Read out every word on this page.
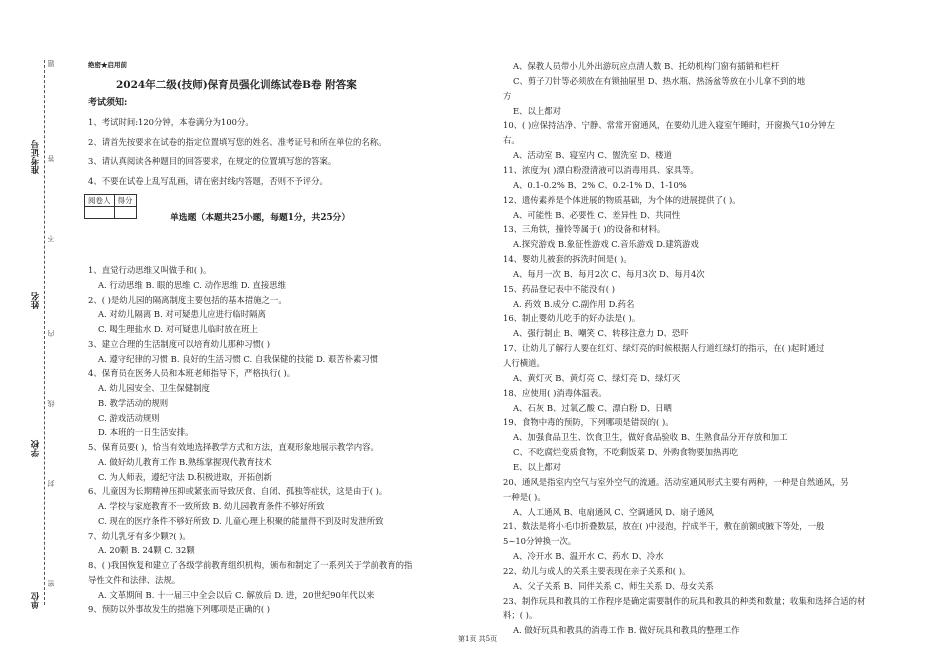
准考证号
姓名
学校
单位
密
封
线
内
不
答
题	绝密★启用前
2024年二级(技师)保育员强化训练试卷B卷 附答案
考试须知:
1、考试时间:120分钟，本卷满分为100分。
2、请首先按要求在试卷的指定位置填写您的姓名、准考证号和所在单位的名称。
3、请认真阅读各种题目的回答要求，在规定的位置填写您的答案。
4、不要在试卷上乱写乱画，请在密封线内答题，否则不予评分。
阅卷人	得分

单选题（本题共25小题，每题1分，共25分）
1、直觉行动思维又叫做手和( )。
A. 行动思维 B. 眼的思维 C. 动作思维 D. 直接思维
2、( )是幼儿园的隔离制度主要包括的基本措施之一。
A. 对幼儿隔离 B. 对可疑患儿应进行临时隔离
C. 喝生理盐水 D. 对可疑患儿临时放在班上
3、建立合理的生活制度可以培育幼儿那种习惯( )
A. 遵守纪律的习惯 B. 良好的生活习惯 C. 自我保健的技能 D. 艰苦朴素习惯
4、保育员在医务人员和本班老师指导下，严格执行( )。
A. 幼儿园安全、卫生保健制度
B. 教学活动的规则
C. 游戏活动规则
D. 本班的一日生活安排。
5、保育员要( )，恰当有效地选择教学方式和方法，直观形象地展示教学内容。
A. 做好幼儿教育工作 B.熟练掌握现代教育技术
C. 为人师表，遵纪守法 D.积极进取，开拓创新
6、儿童因为长期精神压抑或紧张而导致厌食、自闭、孤独等症状，这是由于( )。
A. 学校与家庭教育不一致所致 B. 幼儿园教育条件不够好所致
C. 现在的医疗条件不够好所致 D. 儿童心理上积聚的能量得不到及时发泄所致
7、幼儿乳牙有多少颗?( )。
A. 20颗 B. 24颗 C. 32颗
8、( )我国恢复和建立了各级学前教育组织机构，颁布和制定了一系列关于学前教育的指
导性文件和法律、法规。
A. 文革期间 B. 十一届三中全会以后 C. 解放后 D. 进，20世纪90年代以来
9、预防以外事故发生的措施下列哪项是正确的( )
A、保教人员带小儿外出游玩应点清人数 B、托幼机构门窗有插销和栏杆
C、剪子刀针等必须放在有锁抽屉里 D、热水瓶、热汤盆等放在小儿拿不到的地
方
E、以上都对
10、( )应保持洁净、宁静、常常开窗通风，在要幼儿进入寝室午睡时，开窗换气10分钟左
右。
A、活动室 B、寝室内 C、盥洗室 D、楼道
11、浓度为( )漂白粉澄清液可以消毒用具、家具等。
A、0.1-0.2% B、2% C、0.2-1% D、1-10%
12、遗传素养是个体进展的物质基础，为个体的进展提供了( )。
A、可能性 B、必要性 C、差异性 D、共同性
13、三角铁，撞铃等属于( )的设备和材料。
A.探究游戏 B.象征性游戏 C.音乐游戏 D.建筑游戏
14、婴幼儿被套的拆洗时间是( )。
A、每月一次 B、每月2次 C、每月3次 D、每月4次
15、药品登记表中不能没有( )
A. 药效 B.成分 C.副作用 D.药名
16、制止婴幼儿吃手的好办法是( )。
A、强行制止 B、嘲笑 C、转移注意力 D、恐吓
17、让幼儿了解行人要在红灯、绿灯亮的时候根据人行道红绿灯的指示，在( )起时通过
人行横道。
A、黄灯灭 B、黄灯亮 C、绿灯亮 D、绿灯灭
18、应使用( )消毒体温表。
A、石灰 B、过氧乙酸 C、漂白粉 D、日晒
19、食物中毒的预防，下列哪项是错误的( )。
A、加强食品卫生、饮食卫生，做好食品验收 B、生熟食品分开存放和加工
C、不吃腐烂变质食物，不吃剩饭菜 D、外购食物要加热再吃
E、以上都对
20、通风是指室内空气与室外空气的流通。活动室通风形式主要有两种，一种是自然通风，另
一种是( )。
A、人工通风 B、电扇通风 C、空调通风 D、扇子通风
21、数法是将小毛巾折叠数层，放在( )中浸泡，拧成半干，敷在前额或腋下等处，一般
5~10分钟换一次。
A、冷开水 B、温开水 C、药水 D、冷水
22、幼儿与成人的关系主要表现在亲子关系和( )。
A、父子关系 B、同伴关系 C、师生关系 D、母女关系
23、制作玩具和教具的工作程序是确定需要制作的玩具和教具的种类和数量；收集和选择合适的材
料；( )。
A. 做好玩具和教具的消毒工作 B. 做好玩具和教具的整理工作
第1页 共5页
